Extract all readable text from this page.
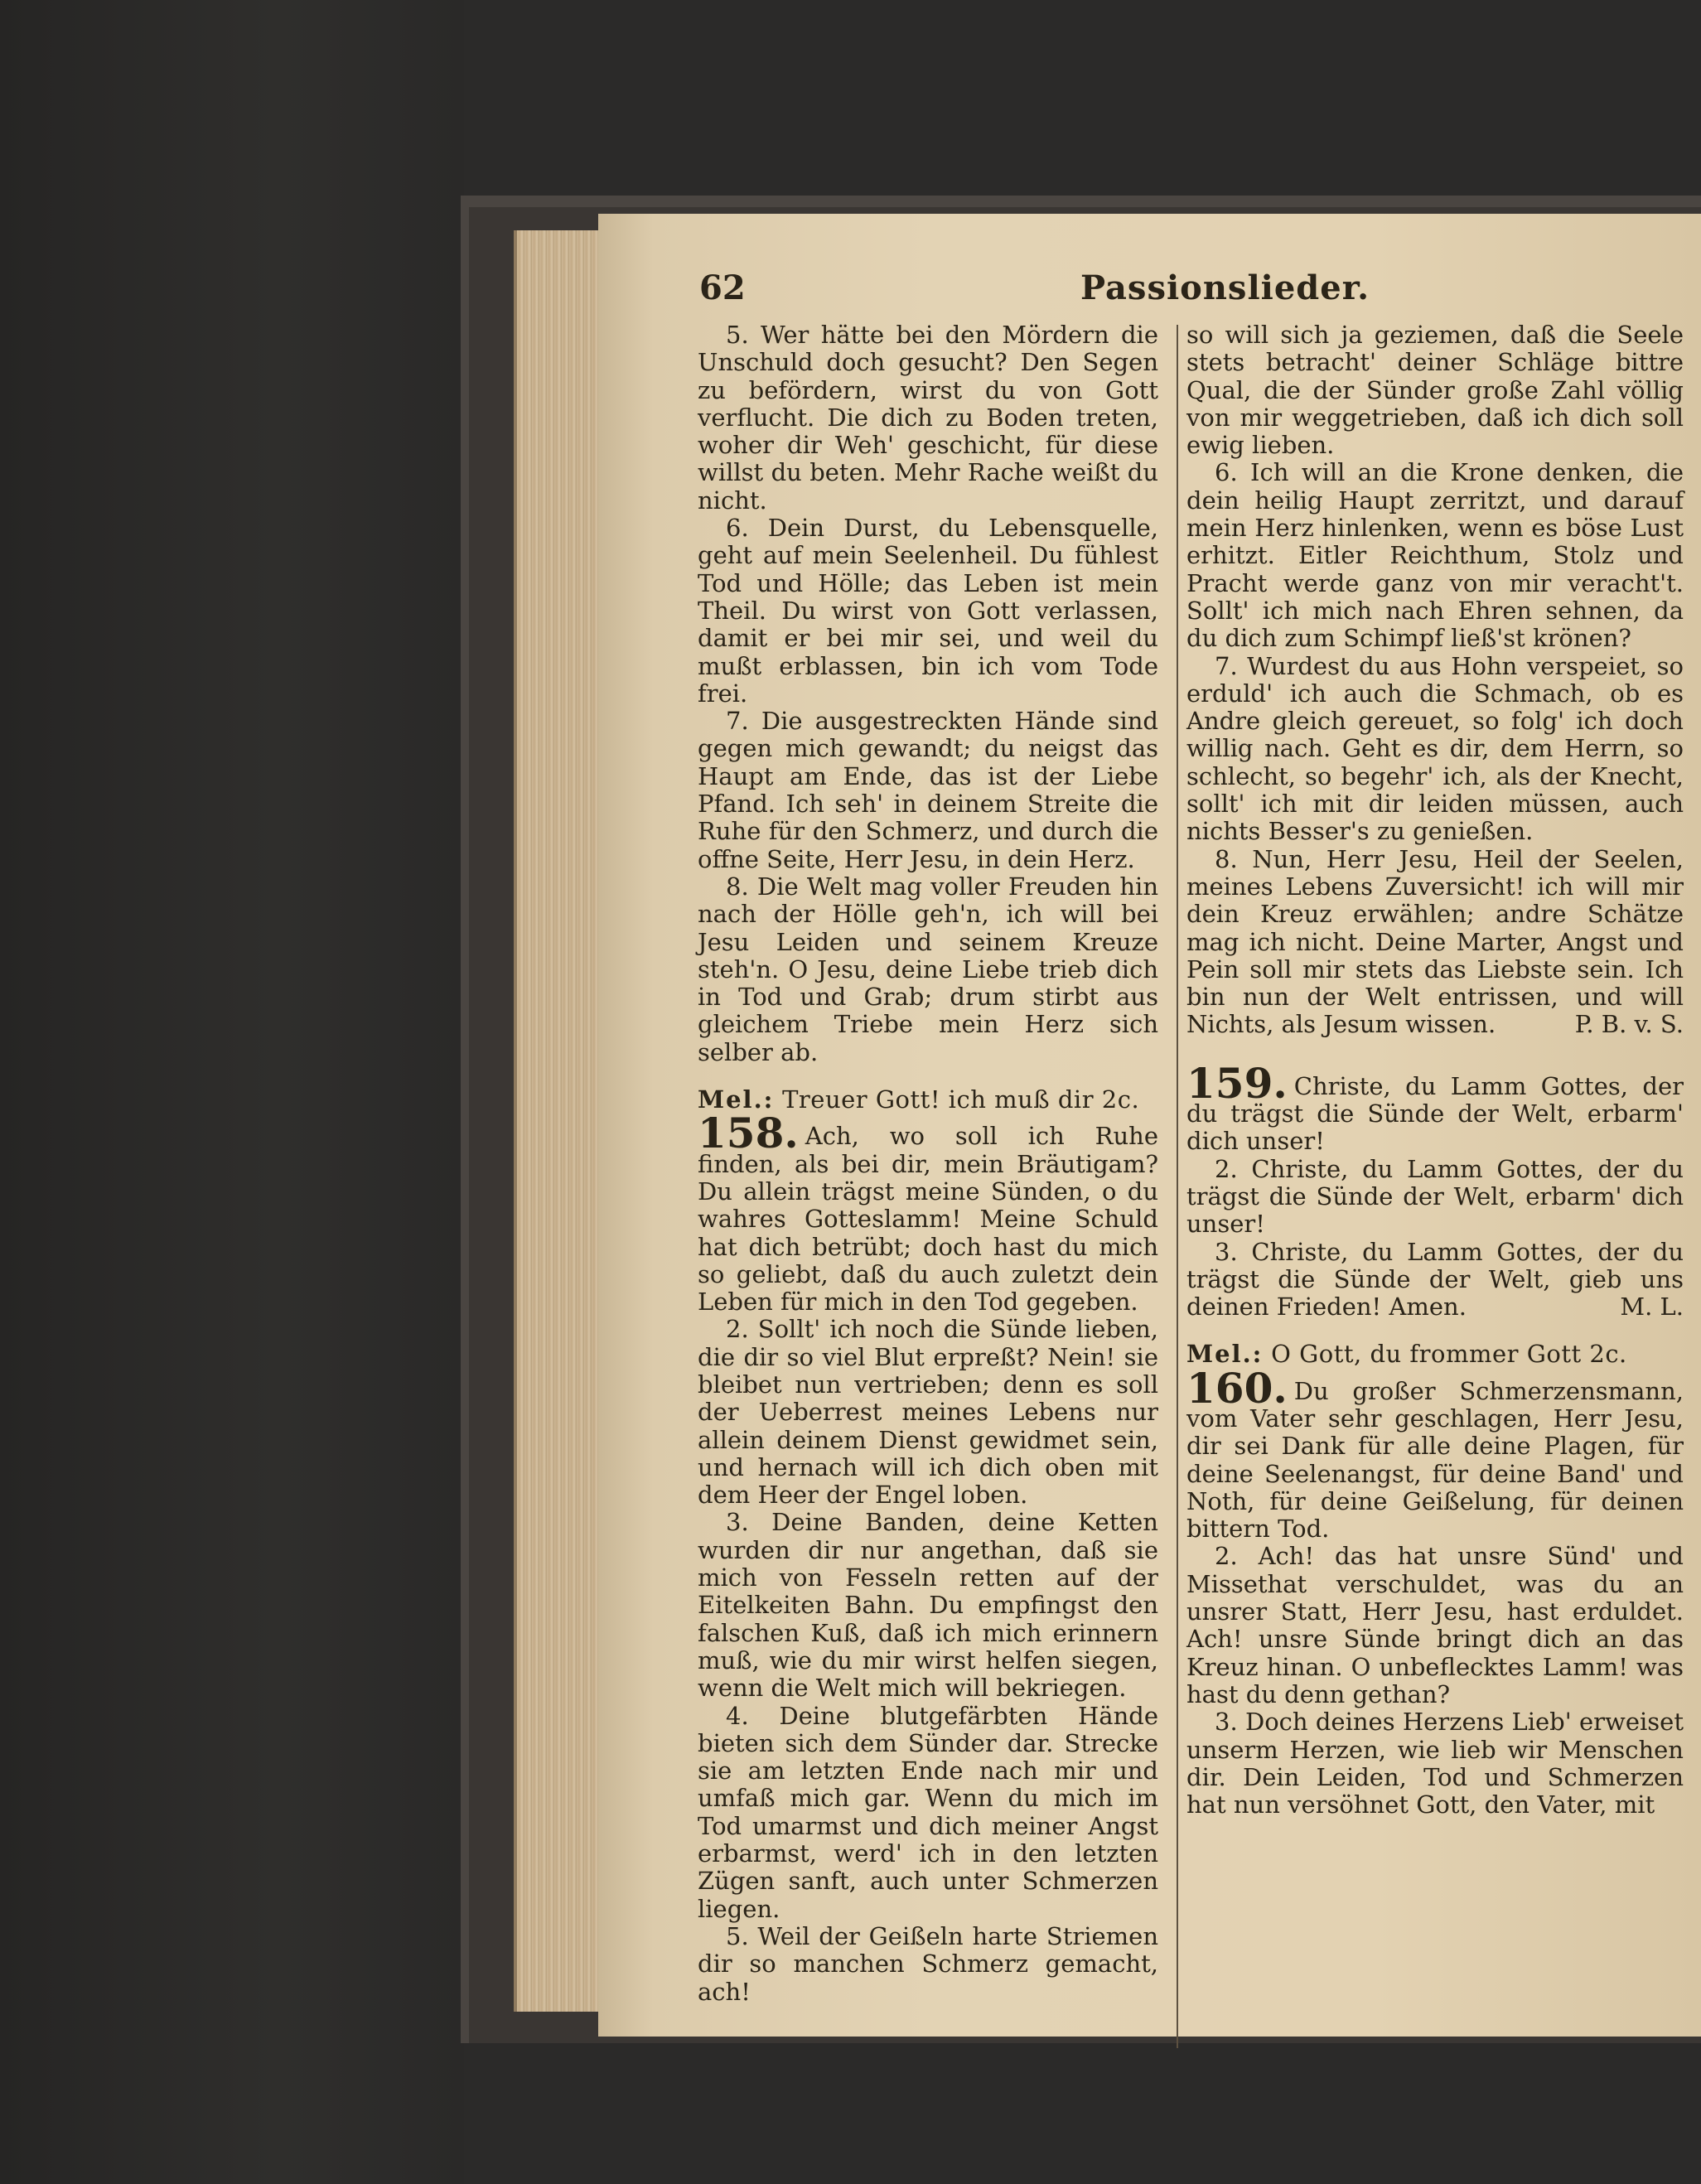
62	Passionslieder.

5. Wer hätte bei den Mördern die Unschuld doch gesucht? Den Segen zu befördern, wirst du von Gott verflucht. Die dich zu Boden treten, woher dir Weh' geschicht, für diese willst du beten. Mehr Rache weißt du nicht.

6. Dein Durst, du Lebensquelle, geht auf mein Seelenheil. Du fühlest Tod und Hölle; das Leben ist mein Theil. Du wirst von Gott verlassen, damit er bei mir sei, und weil du mußt erblassen, bin ich vom Tode frei.

7. Die ausgestreckten Hände sind gegen mich gewandt; du neigst das Haupt am Ende, das ist der Liebe Pfand. Ich seh' in deinem Streite die Ruhe für den Schmerz, und durch die offne Seite, Herr Jesu, in dein Herz.

8. Die Welt mag voller Freuden hin nach der Hölle geh'n, ich will bei Jesu Leiden und seinem Kreuze steh'n. O Jesu, deine Liebe trieb dich in Tod und Grab; drum stirbt aus gleichem Triebe mein Herz sich selber ab.

Mel.: Treuer Gott! ich muß dir 2c.

158. Ach, wo soll ich Ruhe finden, als bei dir, mein Bräutigam? Du allein trägst meine Sünden, o du wahres Gotteslamm! Meine Schuld hat dich betrübt; doch hast du mich so geliebt, daß du auch zuletzt dein Leben für mich in den Tod gegeben.

2. Sollt' ich noch die Sünde lieben, die dir so viel Blut erpreßt? Nein! sie bleibet nun vertrieben; denn es soll der Ueberrest meines Lebens nur allein deinem Dienst gewidmet sein, und hernach will ich dich oben mit dem Heer der Engel loben.

3. Deine Banden, deine Ketten wurden dir nur angethan, daß sie mich von Fesseln retten auf der Eitelkeiten Bahn. Du empfingst den falschen Kuß, daß ich mich erinnern muß, wie du mir wirst helfen siegen, wenn die Welt mich will bekriegen.

4. Deine blutgefärbten Hände bieten sich dem Sünder dar. Strecke sie am letzten Ende nach mir und umfaß mich gar. Wenn du mich im Tod umarmst und dich meiner Angst erbarmst, werd' ich in den letzten Zügen sanft, auch unter Schmerzen liegen.

5. Weil der Geißeln harte Striemen dir so manchen Schmerz gemacht, ach!

so will sich ja geziemen, daß die Seele stets betracht' deiner Schläge bittre Qual, die der Sünder große Zahl völlig von mir weggetrieben, daß ich dich soll ewig lieben.

6. Ich will an die Krone denken, die dein heilig Haupt zerritzt, und darauf mein Herz hinlenken, wenn es böse Lust erhitzt. Eitler Reichthum, Stolz und Pracht werde ganz von mir veracht't. Sollt' ich mich nach Ehren sehnen, da du dich zum Schimpf ließ'st krönen?

7. Wurdest du aus Hohn verspeiet, so erduld' ich auch die Schmach, ob es Andre gleich gereuet, so folg' ich doch willig nach. Geht es dir, dem Herrn, so schlecht, so begehr' ich, als der Knecht, sollt' ich mit dir leiden müssen, auch nichts Besser's zu genießen.

8. Nun, Herr Jesu, Heil der Seelen, meines Lebens Zuversicht! ich will mir dein Kreuz erwählen; andre Schätze mag ich nicht. Deine Marter, Angst und Pein soll mir stets das Liebste sein. Ich bin nun der Welt entrissen, und will Nichts, als Jesum wissen.	P. B. v. S.

159. Christe, du Lamm Gottes, der du trägst die Sünde der Welt, erbarm' dich unser!

2. Christe, du Lamm Gottes, der du trägst die Sünde der Welt, erbarm' dich unser!

3. Christe, du Lamm Gottes, der du trägst die Sünde der Welt, gieb uns deinen Frieden! Amen.	M. L.

Mel.: O Gott, du frommer Gott 2c.

160. Du großer Schmerzensmann, vom Vater sehr geschlagen, Herr Jesu, dir sei Dank für alle deine Plagen, für deine Seelenangst, für deine Band' und Noth, für deine Geißelung, für deinen bittern Tod.

2. Ach! das hat unsre Sünd' und Missethat verschuldet, was du an unsrer Statt, Herr Jesu, hast erduldet. Ach! unsre Sünde bringt dich an das Kreuz hinan. O unbeflecktes Lamm! was hast du denn gethan?

3. Doch deines Herzens Lieb' erweiset unserm Herzen, wie lieb wir Menschen dir. Dein Leiden, Tod und Schmerzen hat nun versöhnet Gott, den Vater, mit
